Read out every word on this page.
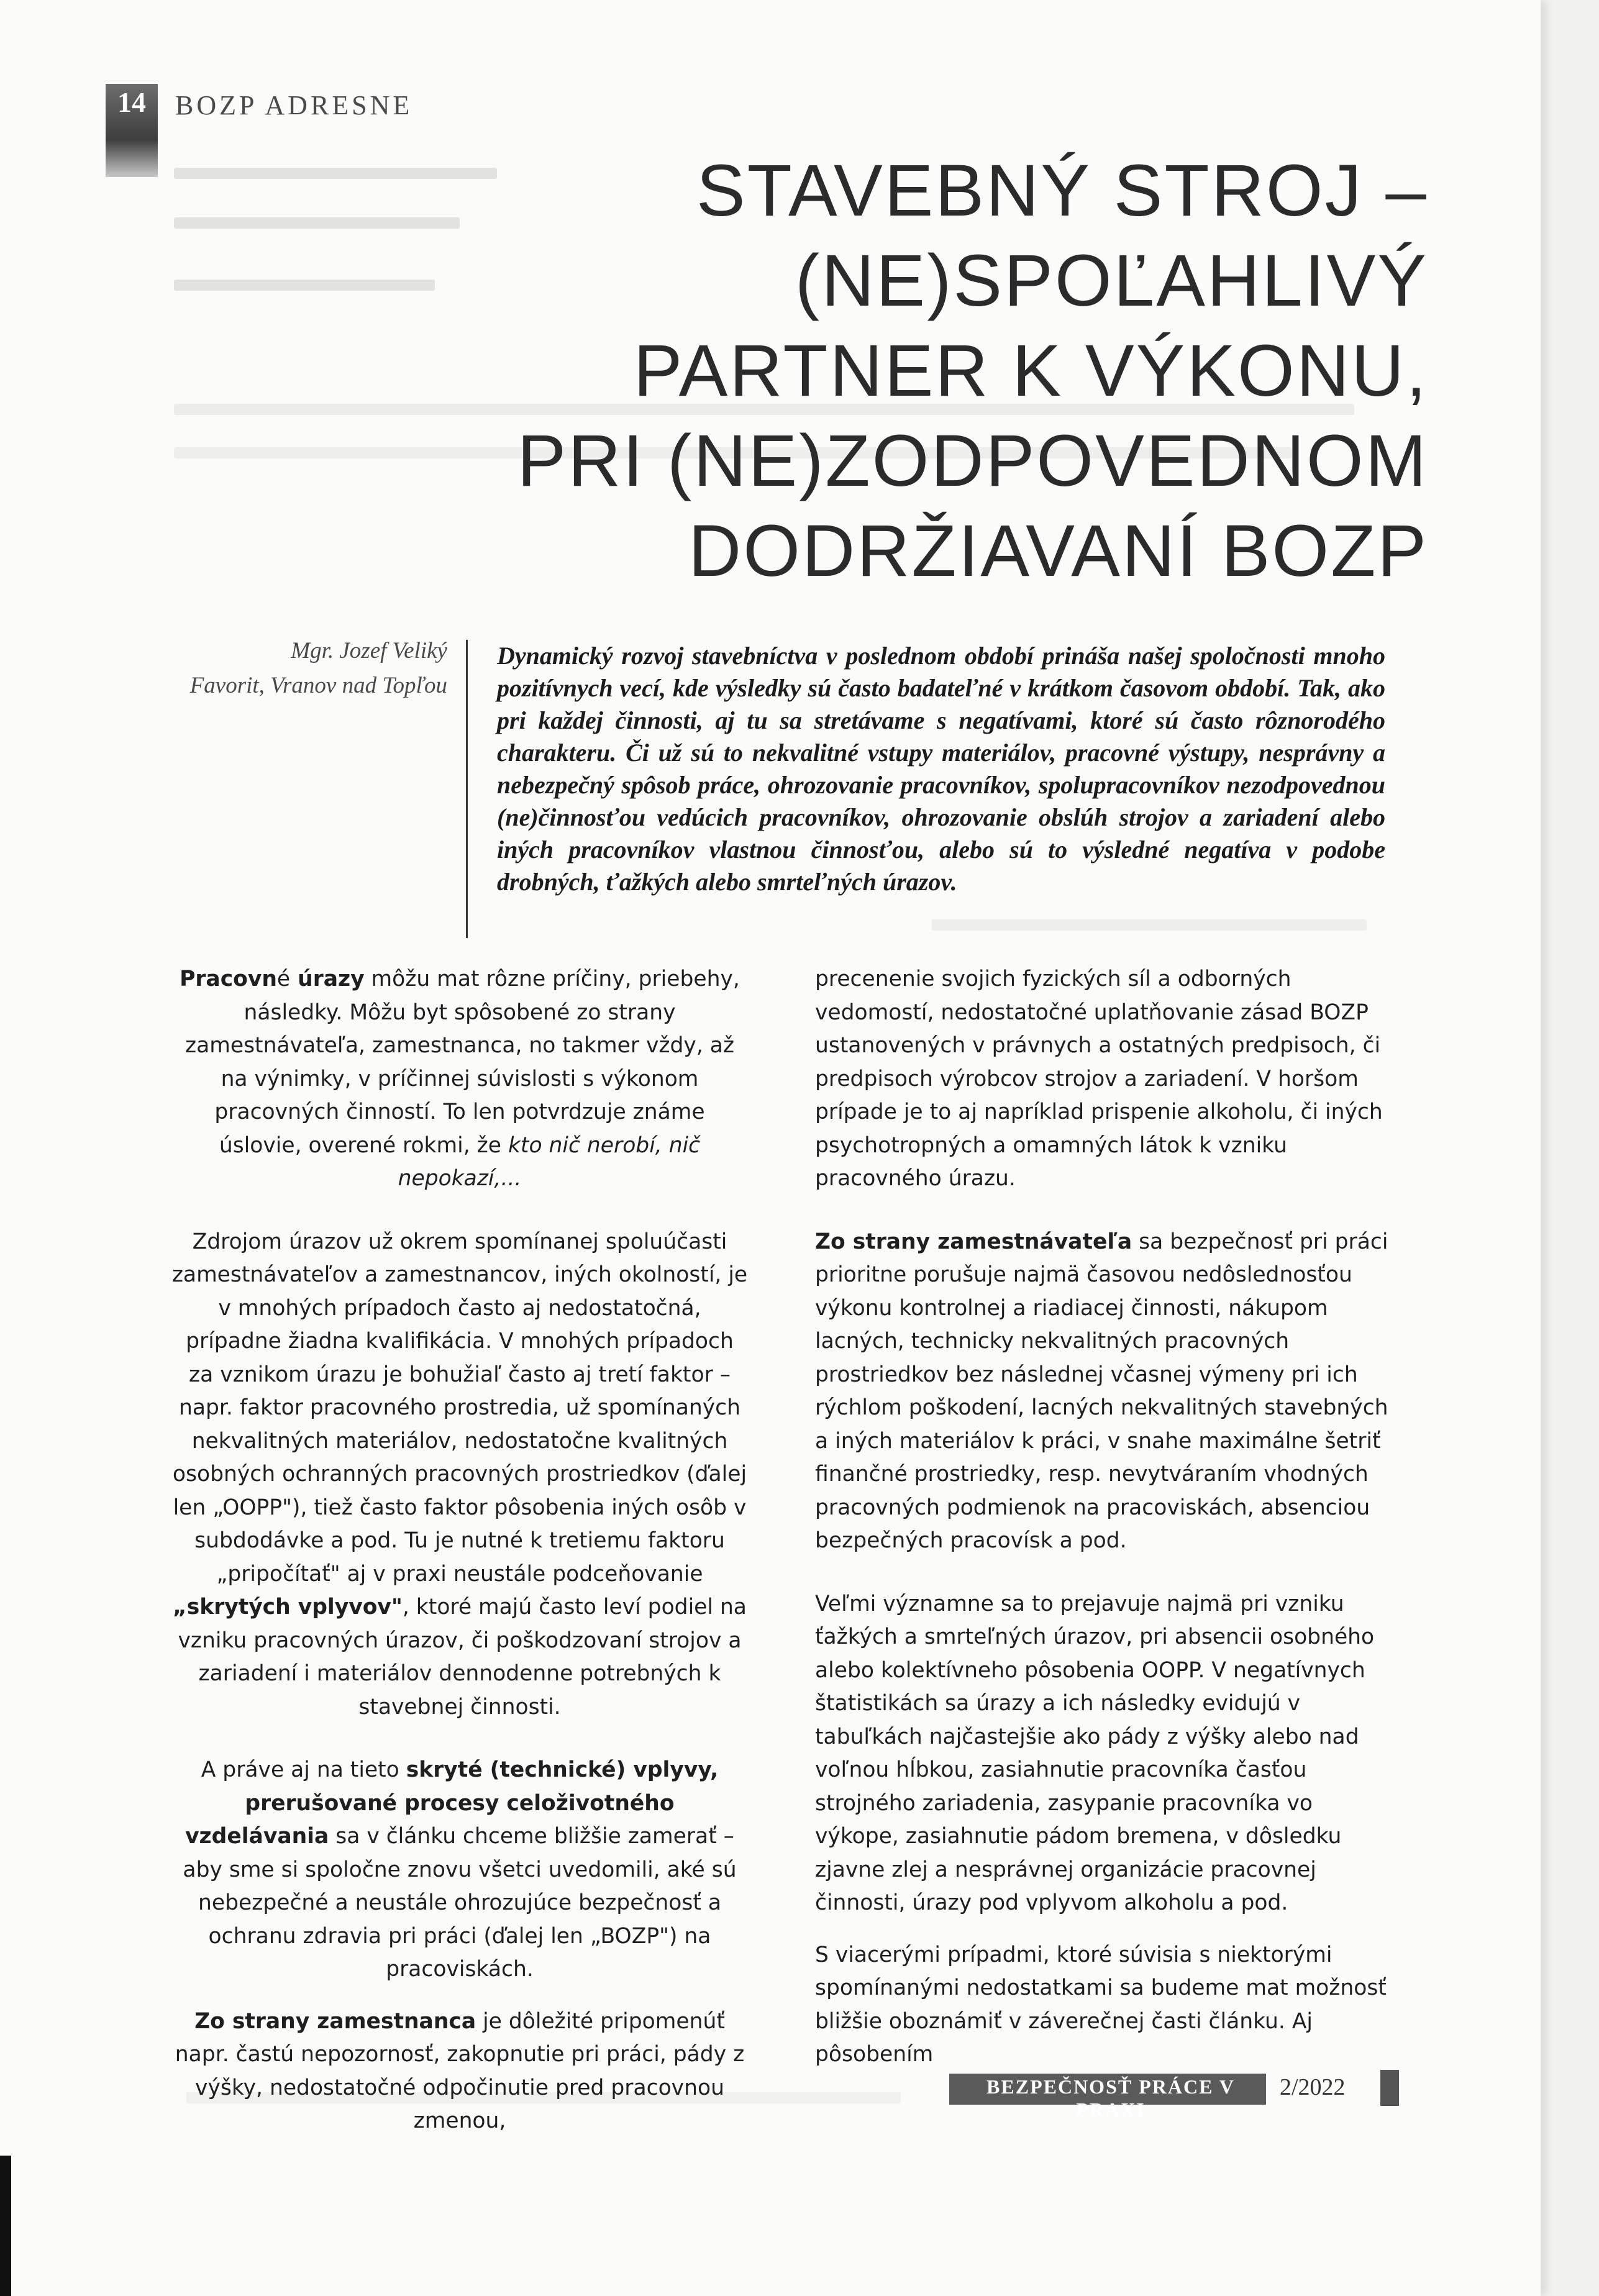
14	BOZP ADRESNE
STAVEBNÝ STROJ –
(NE)SPOĽAHLIVÝ
PARTNER K VÝKONU,
PRI (NE)ZODPOVEDNOM
DODRŽIAVANÍ BOZP
Mgr. Jozef Veliký
Favorit, Vranov nad Topľou

Dynamický rozvoj stavebníctva v poslednom období prináša našej spoločnosti mnoho pozitívnych vecí, kde výsledky sú často badateľné v krátkom časovom období. Tak, ako pri každej činnosti, aj tu sa stretávame s negatívami, ktoré sú často rôznorodého charakteru. Či už sú to nekvalitné vstupy materiálov, pracovné výstupy, nesprávny a nebezpečný spôsob práce, ohrozovanie pracovníkov, spolupracovníkov nezodpovednou (ne)činnosťou vedúcich pracovníkov, ohrozovanie obslúh strojov a zariadení alebo iných pracovníkov vlastnou činnosťou, alebo sú to výsledné negatíva v podobe drobných, ťažkých alebo smrteľných úrazov.

Pracovné úrazy môžu mat rôzne príčiny, priebehy, následky. Môžu byt spôsobené zo strany zamestnávateľa, zamestnanca, no takmer vždy, až na výnimky, v príčinnej súvislosti s výkonom pracovných činností. To len potvrdzuje známe úslovie, overené rokmi, že kto nič nerobí, nič nepokazí,...

Zdrojom úrazov už okrem spomínanej spoluúčasti zamestnávateľov a zamestnancov, iných okolností, je v mnohých prípadoch často aj nedostatočná, prípadne žiadna kvalifikácia. V mnohých prípadoch za vznikom úrazu je bohužiaľ často aj tretí faktor – napr. faktor pracovného prostredia, už spomínaných nekvalitných materiálov, nedostatočne kvalitných osobných ochranných pracovných prostriedkov (ďalej len „OOPP"), tiež často faktor pôsobenia iných osôb v subdodávke a pod. Tu je nutné k tretiemu faktoru „pripočítať" aj v praxi neustále podceňovanie „skrytých vplyvov", ktoré majú často leví podiel na vzniku pracovných úrazov, či poškodzovaní strojov a zariadení i materiálov dennodenne potrebných k stavebnej činnosti.

A práve aj na tieto skryté (technické) vplyvy, prerušované procesy celoživotného vzdelávania sa v článku chceme bližšie zamerať – aby sme si spoločne znovu všetci uvedomili, aké sú nebezpečné a neustále ohrozujúce bezpečnosť a ochranu zdravia pri práci (ďalej len „BOZP") na pracoviskách.

Zo strany zamestnanca je dôležité pripomenúť napr. častú nepozornosť, zakopnutie pri práci, pády z výšky, nedostatočné odpočinutie pred pracovnou zmenou,

precenenie svojich fyzických síl a odborných vedomostí, nedostatočné uplatňovanie zásad BOZP ustanovených v právnych a ostatných predpisoch, či predpisoch výrobcov strojov a zariadení. V horšom prípade je to aj napríklad prispenie alkoholu, či iných psychotropných a omamných látok k vzniku pracovného úrazu.

Zo strany zamestnávateľa sa bezpečnosť pri práci prioritne porušuje najmä časovou nedôslednosťou výkonu kontrolnej a riadiacej činnosti, nákupom lacných, technicky nekvalitných pracovných prostriedkov bez následnej včasnej výmeny pri ich rýchlom poškodení, lacných nekvalitných stavebných a iných materiálov k práci, v snahe maximálne šetriť finančné prostriedky, resp. nevytváraním vhodných pracovných podmienok na pracoviskách, absenciou bezpečných pracovísk a pod.

Veľmi významne sa to prejavuje najmä pri vzniku ťažkých a smrteľných úrazov, pri absencii osobného alebo kolektívneho pôsobenia OOPP. V negatívnych štatistikách sa úrazy a ich následky evidujú v tabuľkách najčastejšie ako pády z výšky alebo nad voľnou hĺbkou, zasiahnutie pracovníka časťou strojného zariadenia, zasypanie pracovníka vo výkope, zasiahnutie pádom bremena, v dôsledku zjavne zlej a nesprávnej organizácie pracovnej činnosti, úrazy pod vplyvom alkoholu a pod.

S viacerými prípadmi, ktoré súvisia s niektorými spomínanými nedostatkami sa budeme mat možnosť bližšie oboznámiť v záverečnej časti článku. Aj pôsobením

BEZPEČNOSŤ PRÁCE V PRAXI
2/2022
